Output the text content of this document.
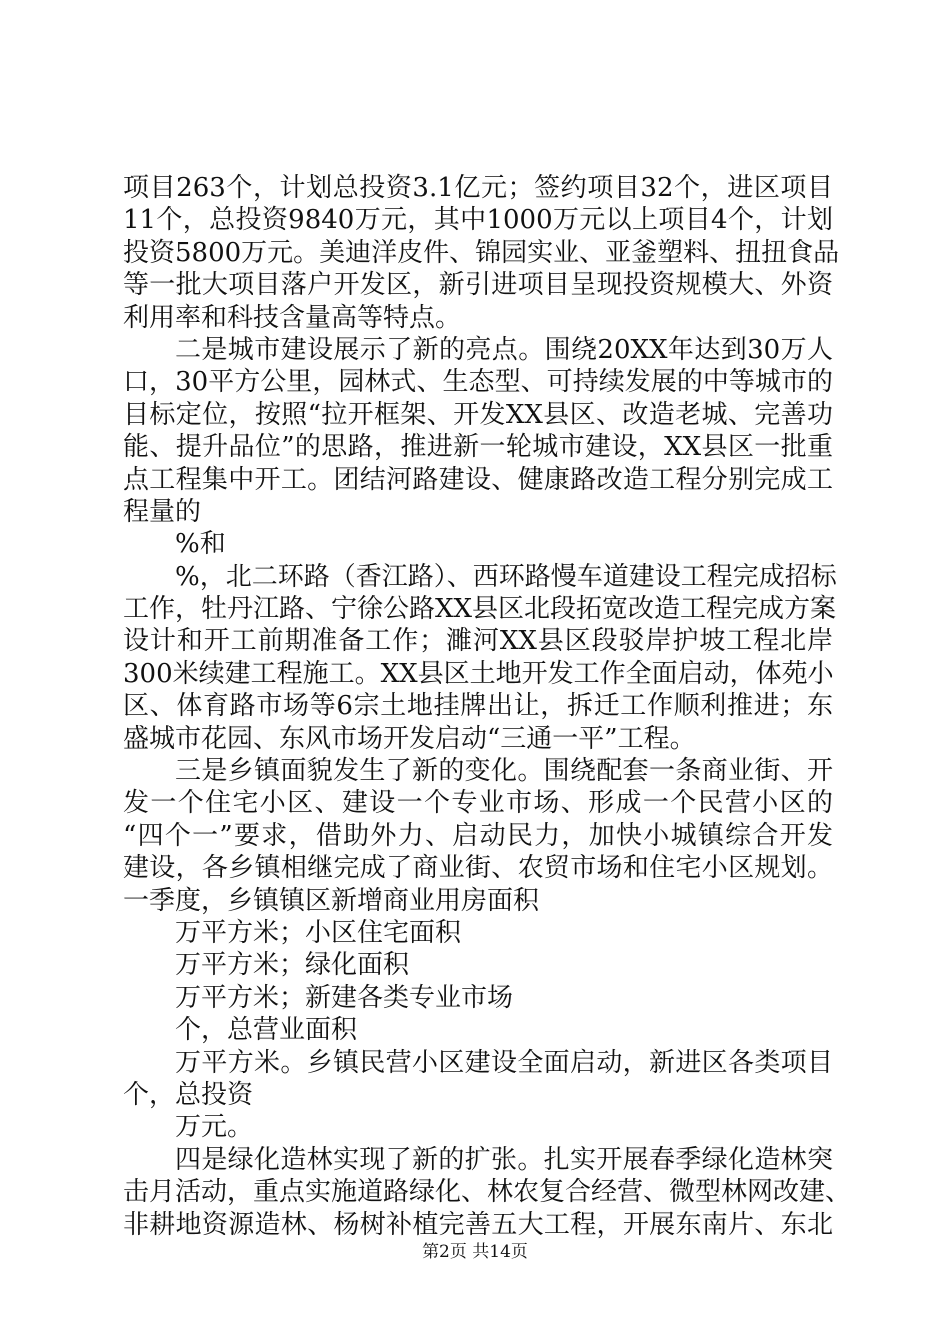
项目263个，计划总投资3.1亿元；签约项目32个，进区项目
11个，总投资9840万元，其中1000万元以上项目4个，计划
投资5800万元。美迪洋皮件、锦园实业、亚釜塑料、扭扭食品
等一批大项目落户开发区，新引进项目呈现投资规模大、外资
利用率和科技含量高等特点。
二是城市建设展示了新的亮点。围绕20XX年达到30万人
口，30平方公里，园林式、生态型、可持续发展的中等城市的
目标定位，按照“拉开框架、开发XX县区、改造老城、完善功
能、提升品位”的思路，推进新一轮城市建设，XX县区一批重
点工程集中开工。团结河路建设、健康路改造工程分别完成工
程量的
%和
%，北二环路（香江路）、西环路慢车道建设工程完成招标
工作，牡丹江路、宁徐公路XX县区北段拓宽改造工程完成方案
设计和开工前期准备工作；濉河XX县区段驳岸护坡工程北岸
300米续建工程施工。XX县区土地开发工作全面启动，体苑小
区、体育路市场等6宗土地挂牌出让，拆迁工作顺利推进；东
盛城市花园、东风市场开发启动“三通一平”工程。
三是乡镇面貌发生了新的变化。围绕配套一条商业街、开
发一个住宅小区、建设一个专业市场、形成一个民营小区的
“四个一”要求，借助外力、启动民力，加快小城镇综合开发
建设，各乡镇相继完成了商业街、农贸市场和住宅小区规划。
一季度，乡镇镇区新增商业用房面积
万平方米；小区住宅面积
万平方米；绿化面积
万平方米；新建各类专业市场
个，总营业面积
万平方米。乡镇民营小区建设全面启动，新进区各类项目
个，总投资
万元。
四是绿化造林实现了新的扩张。扎实开展春季绿化造林突
击月活动，重点实施道路绿化、林农复合经营、微型林网改建、
非耕地资源造林、杨树补植完善五大工程，开展东南片、东北
第2页 共14页
